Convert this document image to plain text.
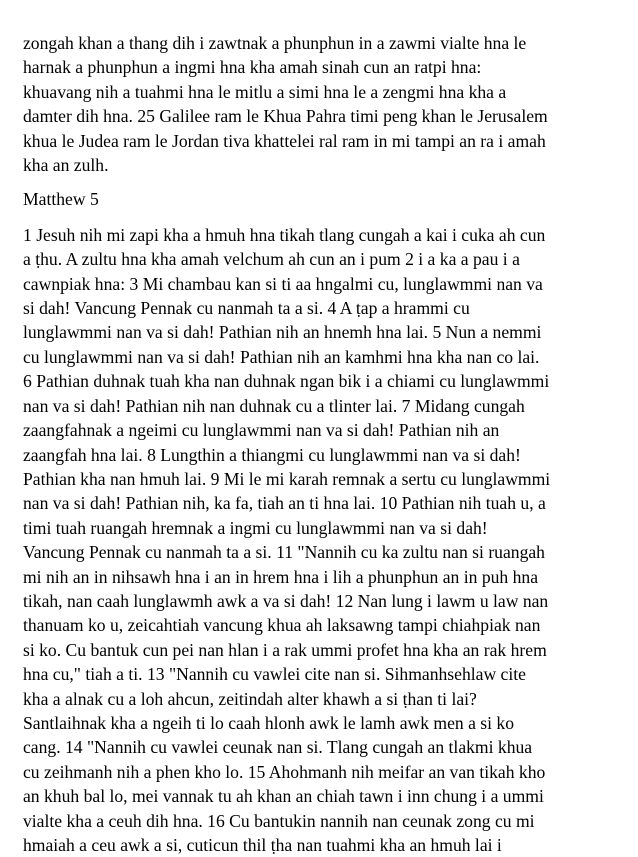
zongah khan a thang dih i zawtnak a phunphun in a zawmi vialte hna le
harnak a phunphun a ingmi hna kha amah sinah cun an ratpi hna:
khuavang nih a tuahmi hna le mitlu a simi hna le a zengmi hna kha a
damter dih hna. 25 Galilee ram le Khua Pahra timi peng khan le Jerusalem
khua le Judea ram le Jordan tiva khattelei ral ram in mi tampi an ra i amah
kha an zulh.

Matthew 5

1 Jesuh nih mi zapi kha a hmuh hna tikah tlang cungah a kai i cuka ah cun
a ṭhu. A zultu hna kha amah velchum ah cun an i pum 2 i a ka a pau i a
cawnpiak hna: 3 Mi chambau kan si ti aa hngalmi cu, lunglawmmi nan va
si dah! Vancung Pennak cu nanmah ta a si. 4 A ṭap a hrammi cu
lunglawmmi nan va si dah! Pathian nih an hnemh hna lai. 5 Nun a nemmi
cu lunglawmmi nan va si dah! Pathian nih an kamhmi hna kha nan co lai.
6 Pathian duhnak tuah kha nan duhnak ngan bik i a chiami cu lunglawmmi
nan va si dah! Pathian nih nan duhnak cu a tlinter lai. 7 Midang cungah
zaangfahnak a ngeimi cu lunglawmmi nan va si dah! Pathian nih an
zaangfah hna lai. 8 Lungthin a thiangmi cu lunglawmmi nan va si dah!
Pathian kha nan hmuh lai. 9 Mi le mi karah remnak a sertu cu lunglawmmi
nan va si dah! Pathian nih, ka fa, tiah an ti hna lai. 10 Pathian nih tuah u, a
timi tuah ruangah hremnak a ingmi cu lunglawmmi nan va si dah!
Vancung Pennak cu nanmah ta a si. 11 "Nannih cu ka zultu nan si ruangah
mi nih an in nihsawh hna i an in hrem hna i lih a phunphun an in puh hna
tikah, nan caah lunglawmh awk a va si dah! 12 Nan lung i lawm u law nan
thanuam ko u, zeicahtiah vancung khua ah laksawng tampi chiahpiak nan
si ko. Cu bantuk cun pei nan hlan i a rak ummi profet hna kha an rak hrem
hna cu," tiah a ti. 13 "Nannih cu vawlei cite nan si. Sihmanhsehlaw cite
kha a alnak cu a loh ahcun, zeitindah alter khawh a si ṭhan ti lai?
Santlaihnak kha a ngeih ti lo caah hlonh awk le lamh awk men a si ko
cang. 14 "Nannih cu vawlei ceunak nan si. Tlang cungah an tlakmi khua
cu zeihmanh nih a phen kho lo. 15 Ahohmanh nih meifar an van tikah kho
an khuh bal lo, mei vannak tu ah khan an chiah tawn i inn chung i a ummi
vialte kha a ceuh dih hna. 16 Cu bantukin nannih nan ceunak zong cu mi
hmaiah a ceu awk a si, cuticun thil ṭha nan tuahmi kha an hmuh lai i
